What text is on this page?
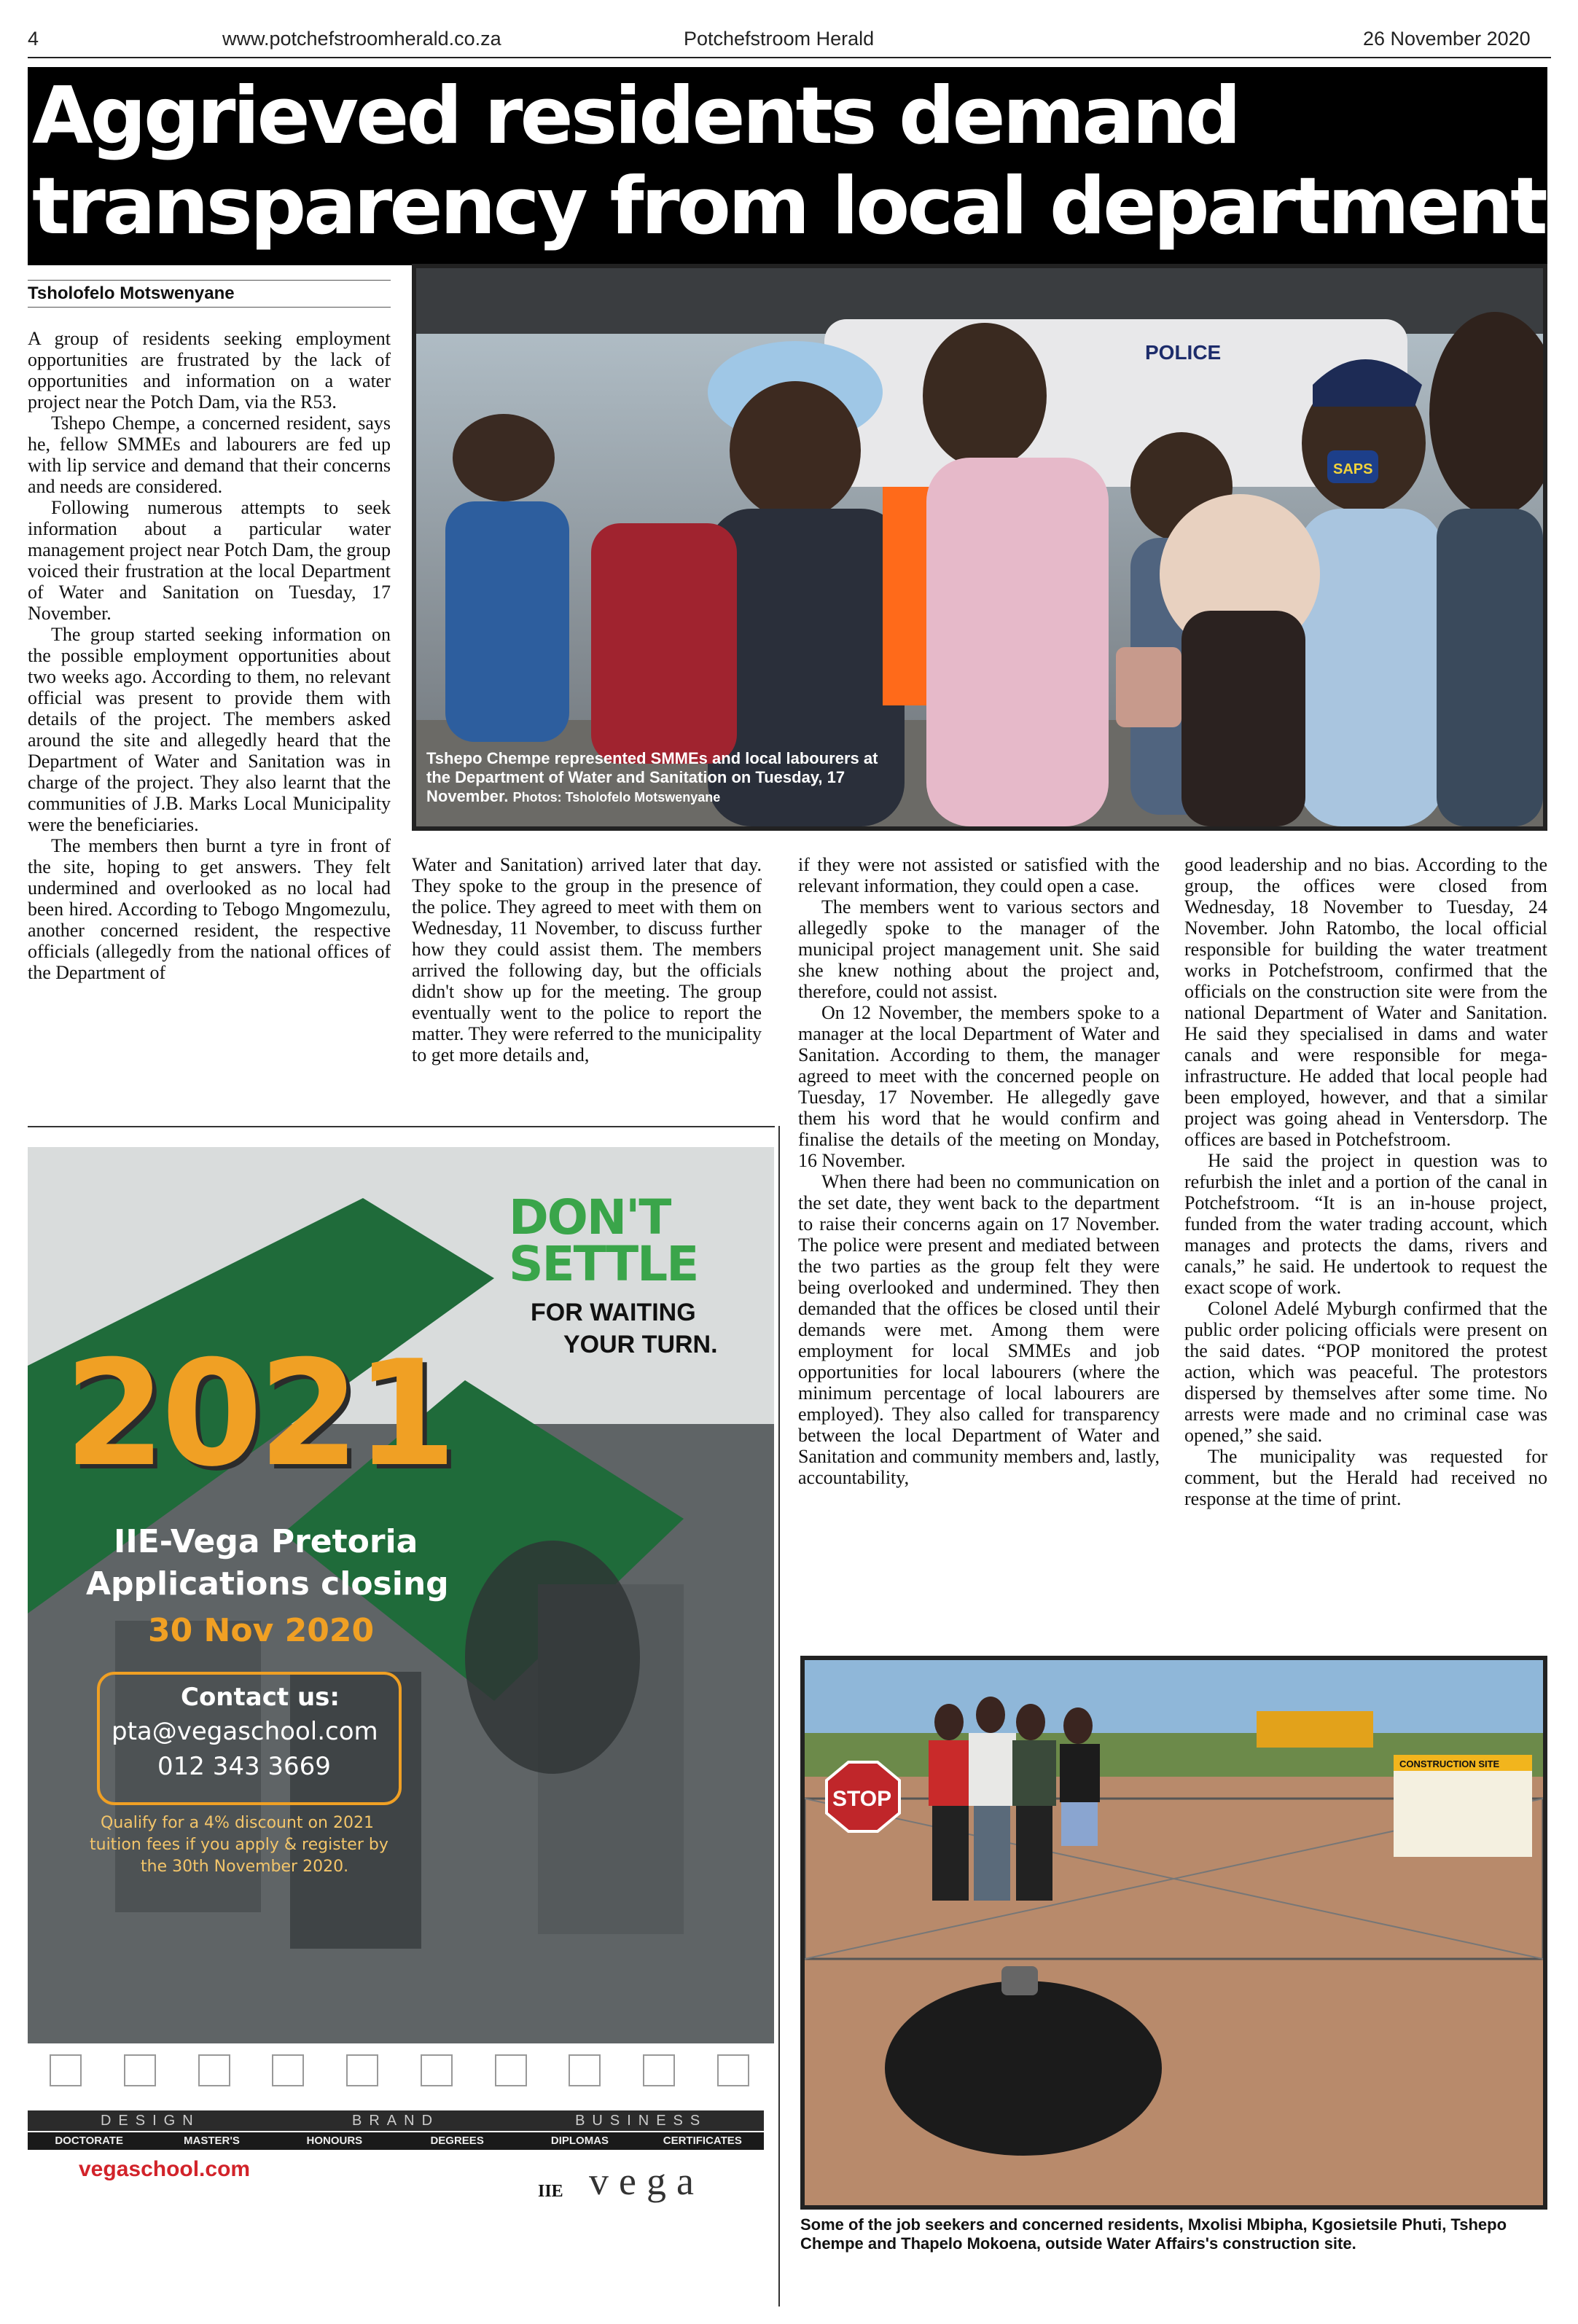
4	www.potchefstroomherald.co.za	Potchefstroom Herald	26 November 2020
Aggrieved residents demand
transparency from local department
Tsholofelo Motswenyane

A group of residents seeking employment opportunities are frustrated by the lack of opportunities and information on a water project near the Potch Dam, via the R53.

Tshepo Chempe, a concerned resident, says he, fellow SMMEs and labourers are fed up with lip service and demand that their concerns and needs are considered.

Following numerous attempts to seek information about a particular water management project near Potch Dam, the group voiced their frustration at the local Department of Water and Sanitation on Tuesday, 17 November.

The group started seeking information on the possible employment opportunities about two weeks ago. According to them, no relevant official was present to provide them with details of the project. The members asked around the site and allegedly heard that the Department of Water and Sanitation was in charge of the project. They also learnt that the communities of J.B. Marks Local Municipality were the beneficiaries.

The members then burnt a tyre in front of the site, hoping to get answers. They felt undermined and overlooked as no local had been hired. According to Tebogo Mngomezulu, another concerned resident, the respective officials (allegedly from the national offices of the Department of

POLICE
SAPS
Tshepo Chempe represented SMMEs and local labourers at the Department of Water and Sanitation on Tuesday, 17 November. Photos: Tsholofelo Motswenyane

Water and Sanitation) arrived later that day. They spoke to the group in the presence of the police. They agreed to meet with them on Wednesday, 11 November, to discuss further how they could assist them. The members arrived the following day, but the officials didn't show up for the meeting. The group eventually went to the police to report the matter. They were referred to the municipality to get more details and,

if they were not assisted or satisfied with the relevant information, they could open a case.

The members went to various sectors and allegedly spoke to the manager of the municipal project management unit. She said she knew nothing about the project and, therefore, could not assist.

On 12 November, the members spoke to a manager at the local Department of Water and Sanitation. According to them, the manager agreed to meet with the concerned people on Tuesday, 17 November. He allegedly gave them his word that he would confirm and finalise the details of the meeting on Monday, 16 November.

When there had been no communication on the set date, they went back to the department to raise their concerns again on 17 November. The police were present and mediated between the two parties as the group felt they were being overlooked and undermined. They then demanded that the offices be closed until their demands were met. Among them were employment for local SMMEs and job opportunities for local labourers (where the minimum percentage of local labourers are employed). They also called for transparency between the local Department of Water and Sanitation and community members and, lastly, accountability,

good leadership and no bias. According to the group, the offices were closed from Wednesday, 18 November to Tuesday, 24 November. John Ratombo, the local official responsible for building the water treatment works in Potchefstroom, confirmed that the officials on the construction site were from the national Department of Water and Sanitation. He said they specialised in dams and water canals and were responsible for mega-infrastructure. He added that local people had been employed, however, and that a similar project was going ahead in Ventersdorp. The offices are based in Potchefstroom.

He said the project in question was to refurbish the inlet and a portion of the canal in Potchefstroom. “It is an in-house project, funded from the water trading account, which manages and protects the dams, rivers and canals,” he said. He undertook to request the exact scope of work.

Colonel Adelé Myburgh confirmed that the public order policing officials were present on the said dates. “POP monitored the protest action, which was peaceful. The protestors dispersed by themselves after some time. No arrests were made and no criminal case was opened,” she said.

The municipality was requested for comment, but the Herald had received no response at the time of print.

STOP
CONSTRUCTION SITE
Some of the job seekers and concerned residents, Mxolisi Mbipha, Kgosietsile Phuti, Tshepo Chempe and Thapelo Mokoena, outside Water Affairs's construction site.
DON'T
SETTLE
FOR WAITING
YOUR TURN.
2021
IIE-Vega Pretoria
Applications closing
30 Nov 2020
Contact us:
pta@vegaschool.com
012 343 3669
Qualify for a 4% discount on 2021
tuition fees if you apply & register by
the 30th November 2020.
DESIGN	BRAND	BUSINESS
DOCTORATE	MASTER'S	HONOURS	DEGREES	DIPLOMAS	CERTIFICATES
vegaschool.com
IIE vega
